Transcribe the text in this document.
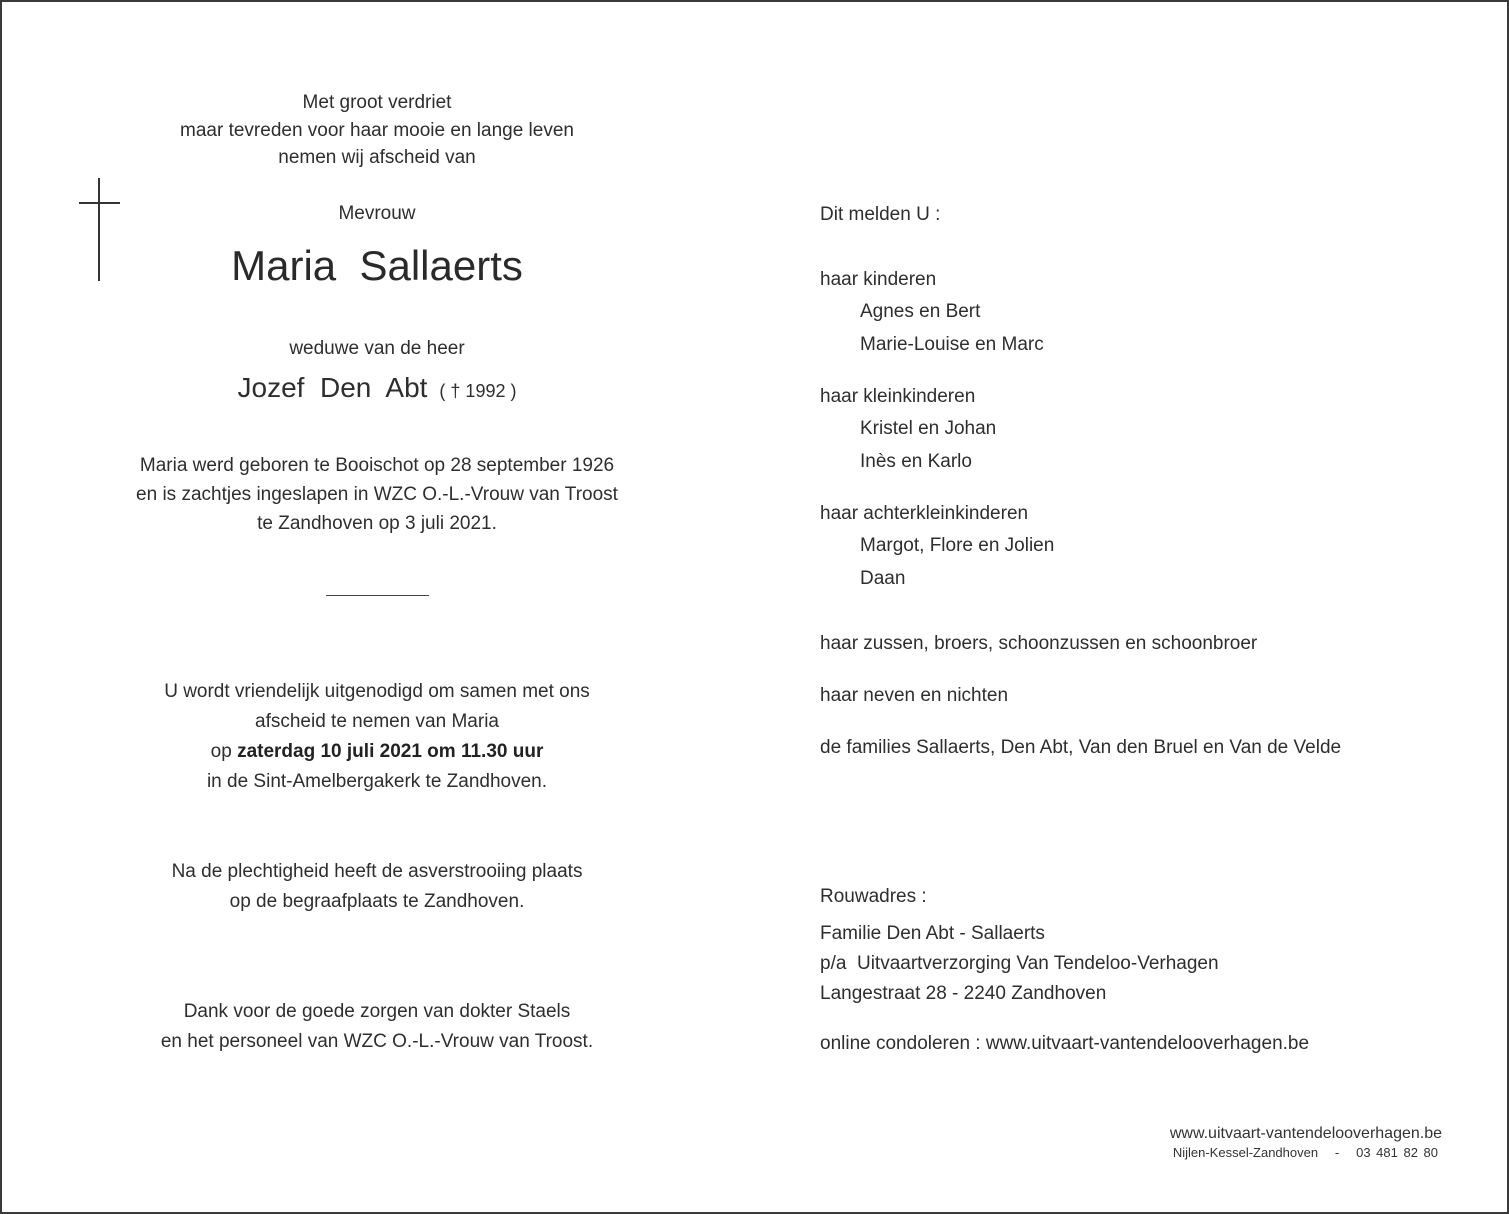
Met groot verdriet
maar tevreden voor haar mooie en lange leven
nemen wij afscheid van
Mevrouw
Maria  Sallaerts
weduwe van de heer
Jozef  Den  Abt ( † 1992 )
Maria werd geboren te Booischot op 28 september 1926
en is zachtjes ingeslapen in WZC O.-L.-Vrouw van Troost
te Zandhoven op 3 juli 2021.
U wordt vriendelijk uitgenodigd om samen met ons
afscheid te nemen van Maria
op zaterdag 10 juli 2021 om 11.30 uur
in de Sint-Amelbergakerk te Zandhoven.
Na de plechtigheid heeft de asverstrooiing plaats
op de begraafplaats te Zandhoven.
Dank voor de goede zorgen van dokter Staels
en het personeel van WZC O.-L.-Vrouw van Troost.
Dit melden U :
haar kinderen
Agnes en Bert
Marie-Louise en Marc
haar kleinkinderen
Kristel en Johan
Inès en Karlo
haar achterkleinkinderen
Margot, Flore en Jolien
Daan
haar zussen, broers, schoonzussen en schoonbroer
haar neven en nichten
de families Sallaerts, Den Abt, Van den Bruel en Van de Velde
Rouwadres :
Familie Den Abt - Sallaerts
p/a  Uitvaartverzorging Van Tendeloo-Verhagen
Langestraat 28 - 2240 Zandhoven
online condoleren : www.uitvaart-vantendelooverhagen.be
www.uitvaart-vantendelooverhagen.be
Nijlen-Kessel-Zandhoven   -   03 481 82 80
